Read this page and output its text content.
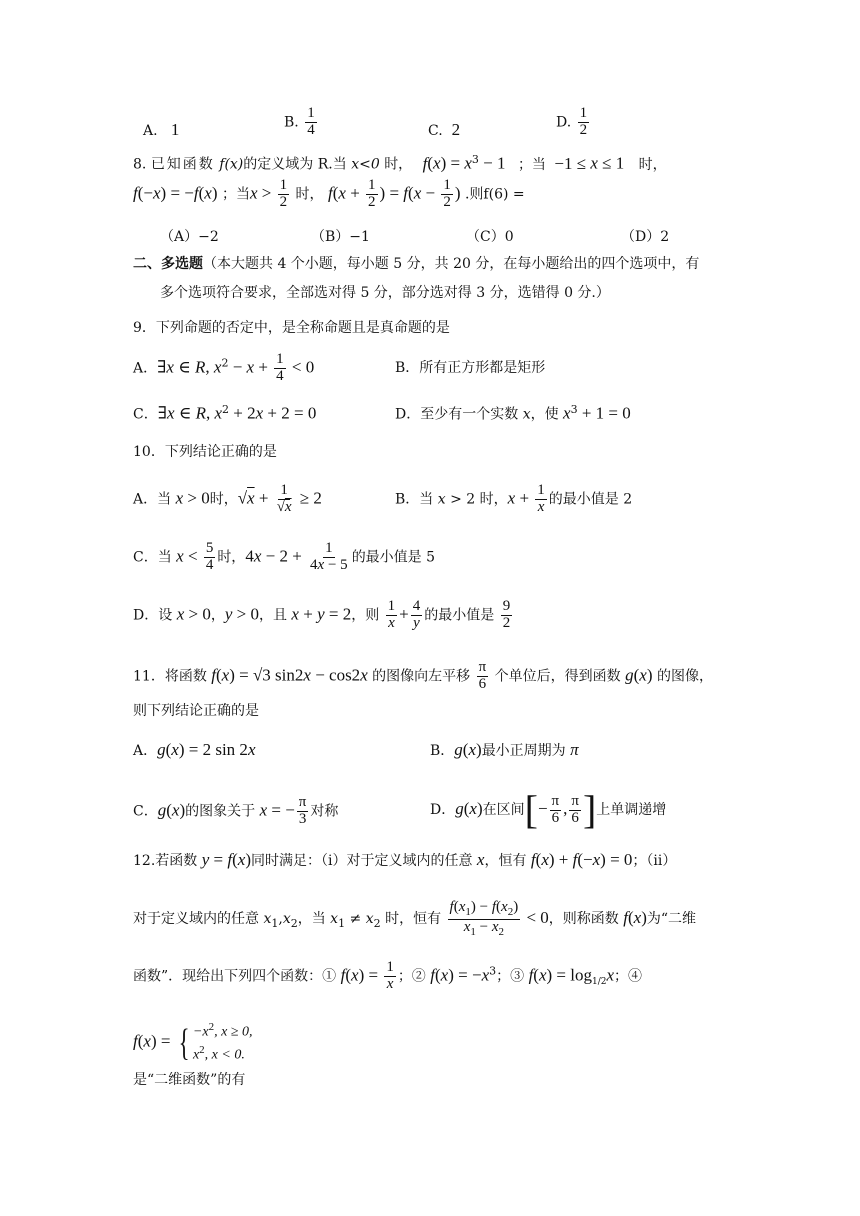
A.   1	B. $\frac{1}{4}$	C.  2	D. $\frac{1}{2}$
8. 已知函数 f(x)的定义域为 R.当 x<0 时， $f(x) = x^3 - 1$ ；当 −1 ≤ x ≤ 1 时，
f(−x) = −f(x) ；当$x > \frac{1}{2}$ 时， $f(x + \frac{1}{2}$ ) = $f(x - \frac{1}{2}$ ) .则f(6) =
（A）−2	（B）−1	（C）0	（D）2
二、多选题（本大题共 4 个小题，每小题 5 分，共 20 分，在每小题给出的四个选项中，有
多个选项符合要求，全部选对得 5 分，部分选对得 3 分，选错得 0 分.）
9．下列命题的否定中，是全称命题且是真命题的是
A．∃x ∈ R, $x^2 - x + \frac{1}{4} < 0$	B．所有正方形都是矩形
C．∃x ∈ R, $x^2 + 2x + 2 = 0$	D．至少有一个实数 x，使 $x^3 + 1 = 0$
10．下列结论正确的是
A．当 x > 0时，$√x + \frac{1}{√x} \ge 2$	B．当 x > 2 时，$x + \frac{1}{x}$ 的最小值是 2
C．当 $x < \frac{5}{4}$ 时，$4x - 2 + \frac{1}{4x - 5}$ 的最小值是 5
D．设 x > 0，y > 0，且 x + y = 2，则 $\frac{1}{x} + \frac{4}{y}$ 的最小值是 $\frac{9}{2}$
11．将函数 f(x) = √3 sin2x − cos2x 的图像向左平移 $\frac{\pi}{6}$ 个单位后，得到函数 g(x) 的图像，
则下列结论正确的是
A．g(x) = 2 sin 2x	B．g(x)最小正周期为 π
C．g(x)的图象关于 x = − $\frac{\pi}{3}$ 对称	D．g(x)在区间[− $\frac{\pi}{6}$ , $\frac{\pi}{6}$ ]上单调递增
12.若函数 y = f(x)同时满足：（ⅰ）对于定义域内的任意 x，恒有 f(x) + f(−x) = 0；（ⅱ）
对于定义域内的任意 $x_1,x_2$，当 $x_1 \ne x_2$ 时，恒有 $\frac{f(x_1) - f(x_2)}{x_1 - x_2} < 0$，则称函数 f(x)为“二维
函数”．现给出下列四个函数：① $f(x) = \frac{1}{x}$ ；② $f(x) = -x^3$；③ $f(x) = \log_{1/2}x$；④
f(x) = { $-x^2$, x ≥ 0,
$x^2$, x < 0.
是“二维函数”的有
